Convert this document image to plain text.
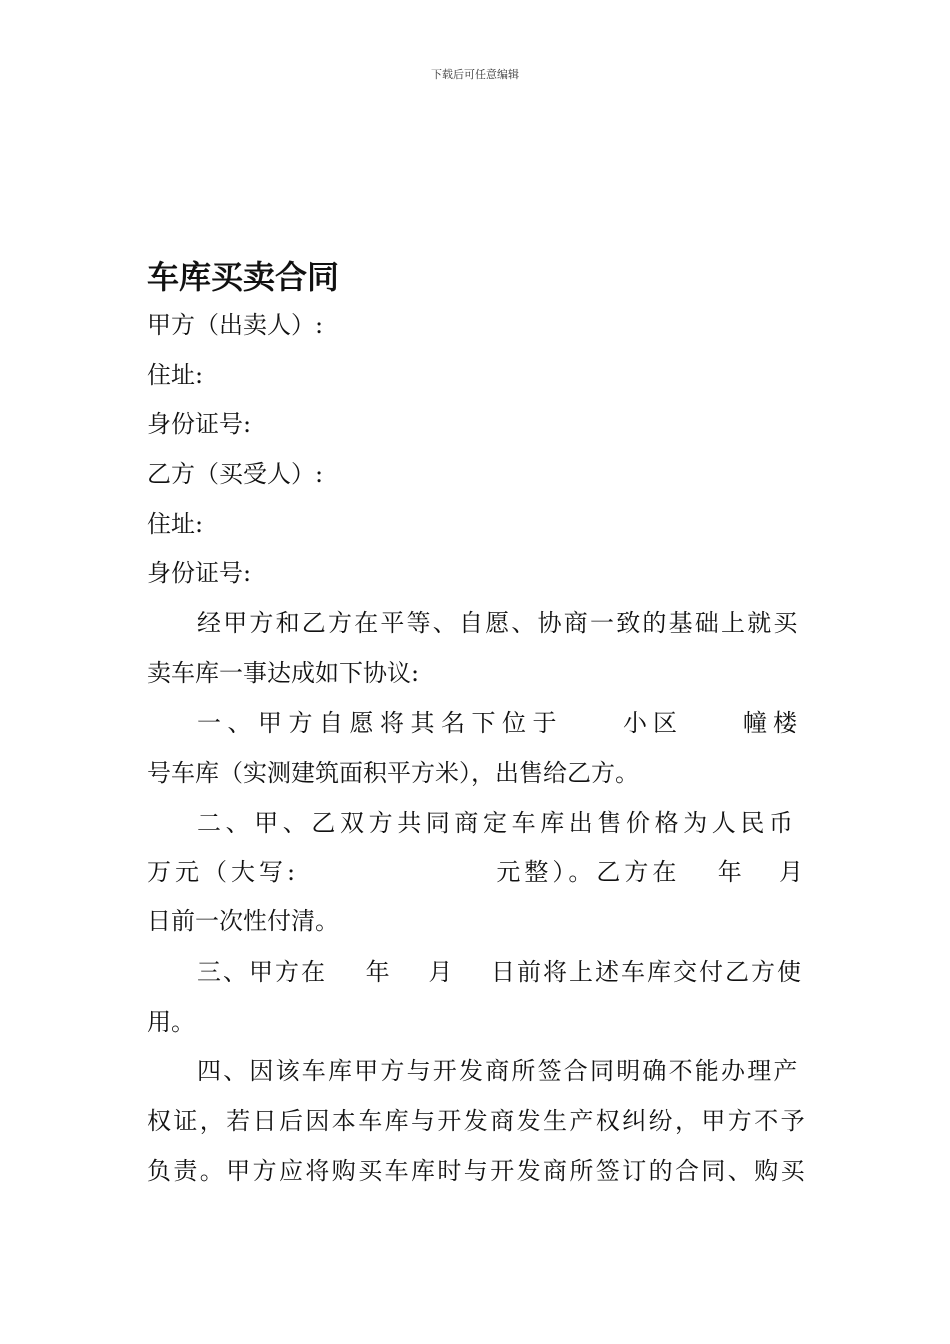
下载后可任意编辑
车库买卖合同
甲方（出卖人）:
住址:
身份证号:
乙方（买受人）:
住址:
身份证号:
经甲方和乙方在平等、自愿、协商一致的基础上就买
卖车库一事达成如下协议:
一、甲方自愿将其名下位于	小区	幢楼
号车库（实测建筑面积平方米），出售给乙方。
二、甲、乙双方共同商定车库出售价格为人民币
万元（大写:	元整）。乙方在 年 月
日前一次性付清。
三、甲方在 年 月 日前将上述车库交付乙方使
用。
四、因该车库甲方与开发商所签合同明确不能办理产
权证，若日后因本车库与开发商发生产权纠纷，甲方不予
负责。甲方应将购买车库时与开发商所签订的合同、购买
